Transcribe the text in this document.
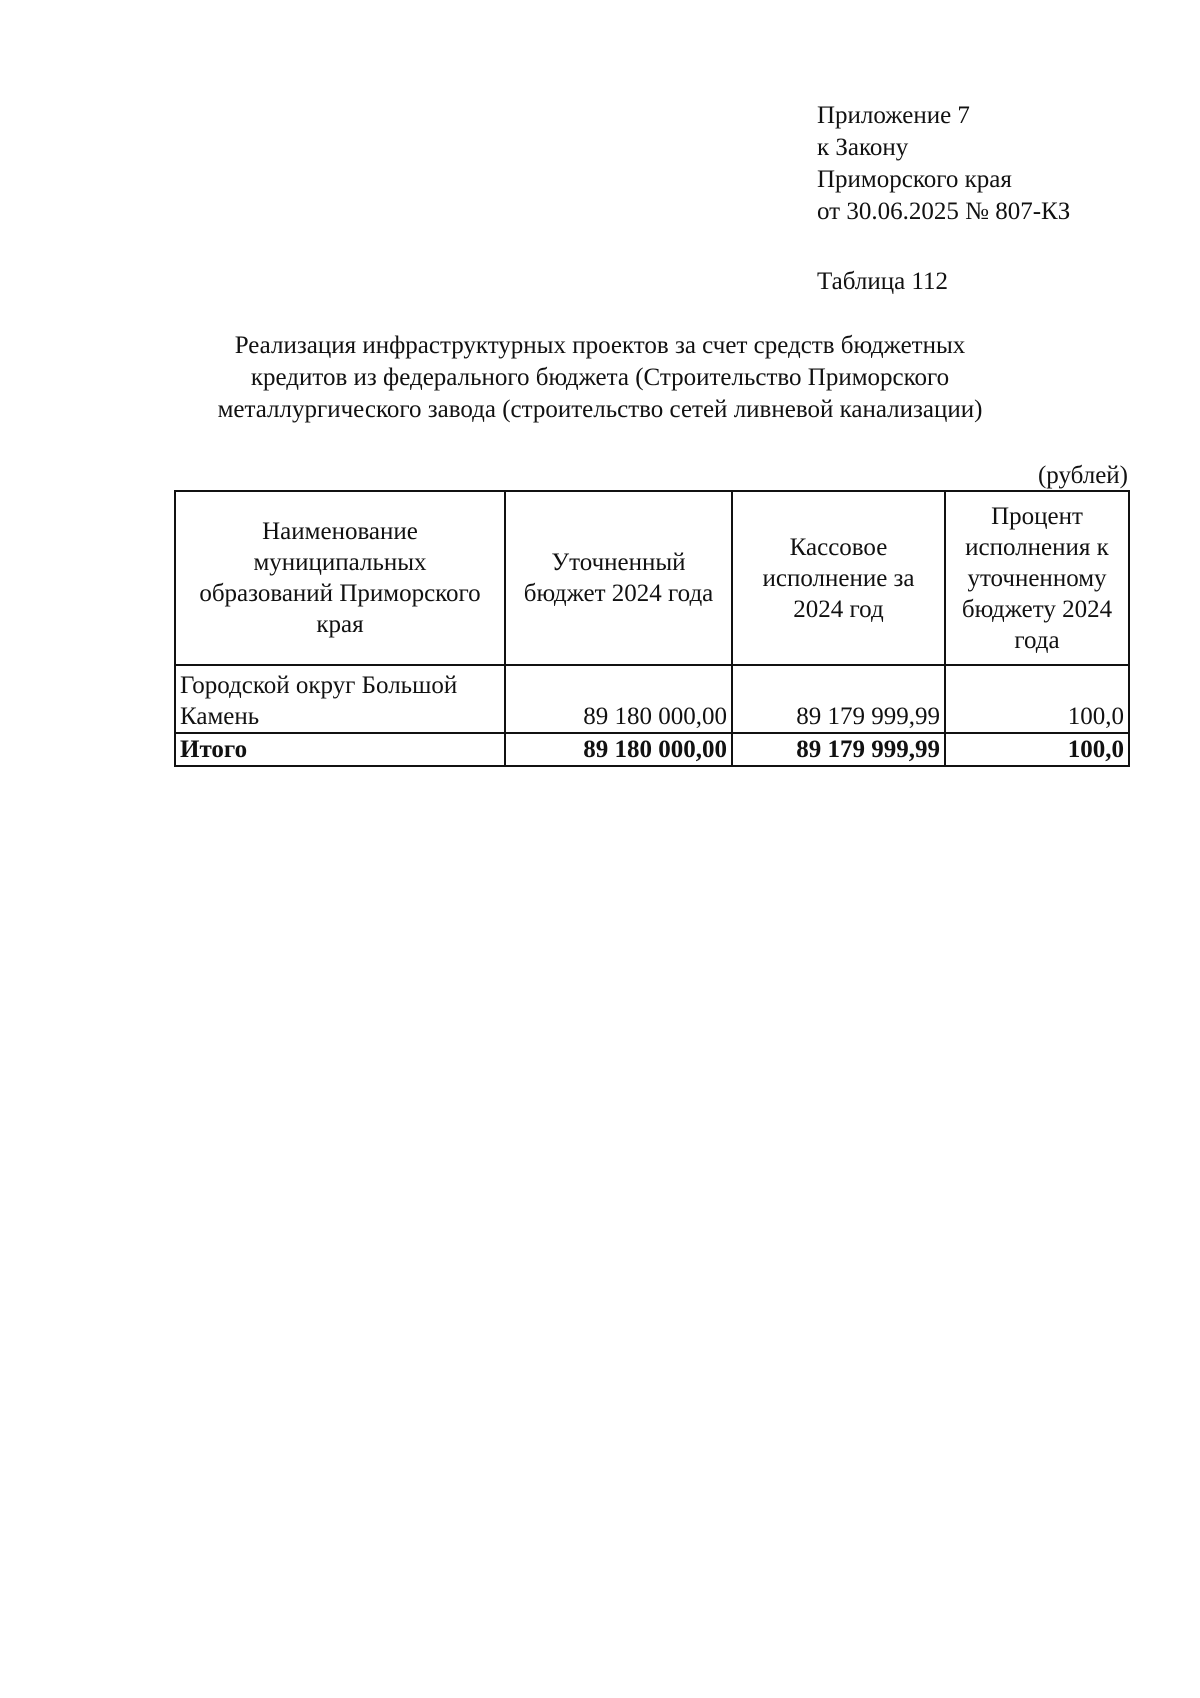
Приложение 7
к Закону
Приморского края
от 30.06.2025 № 807-КЗ
Таблица 112
Реализация инфраструктурных проектов за счет средств бюджетных
кредитов из федерального бюджета (Строительство Приморского
металлургического завода (строительство сетей ливневой канализации)
(рублей)
Наименование муниципальных образований Приморского края	Уточненный бюджет 2024 года	Кассовое исполнение за 2024 год	Процент исполнения к уточненному бюджету 2024 года
Городской округ Большой Камень	89 180 000,00	89 179 999,99	100,0
Итого	89 180 000,00	89 179 999,99	100,0
